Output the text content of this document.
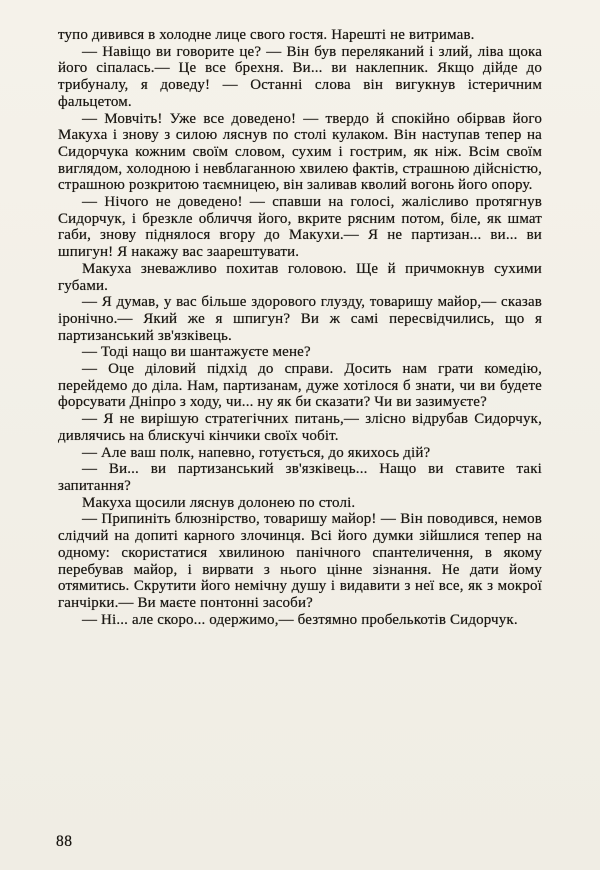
тупо дивився в холодне лице свого гостя. Нарешті не витримав.

— Навіщо ви говорите це? — Він був переляканий і злий, ліва щока його сіпалась.— Це все брехня. Ви... ви наклепник. Якщо дійде до трибуналу, я доведу! — Останні слова він вигукнув істеричним фальцетом.

— Мовчіть! Уже все доведено! — твердо й спокійно обірвав його Макуха і знову з силою ляснув по столі кулаком. Він наступав тепер на Сидорчука кожним своїм словом, сухим і гострим, як ніж. Всім своїм виглядом, холодною і невблаганною хвилею фактів, страшною дійсністю, страшною розкритою таємницею, він заливав кволий вогонь його опору.

— Нічого не доведено! — спавши на голосі, жалісливо протягнув Сидорчук, і брезкле обличчя його, вкрите рясним потом, біле, як шмат габи, знову піднялося вгору до Макухи.— Я не партизан... ви... ви шпигун! Я накажу вас заарештувати.

Макуха зневажливо похитав головою. Ще й причмокнув сухими губами.

— Я думав, у вас більше здорового глузду, товаришу майор,— сказав іронічно.— Який же я шпигун? Ви ж самі пересвідчились, що я партизанський зв'язківець.

— Тоді нащо ви шантажуєте мене?

— Оце діловий підхід до справи. Досить нам грати комедію, перейдемо до діла. Нам, партизанам, дуже хотілося б знати, чи ви будете форсувати Дніпро з ходу, чи... ну як би сказати? Чи ви зазимуєте?

— Я не вирішую стратегічних питань,— злісно відрубав Сидорчук, дивлячись на блискучі кінчики своїх чобіт.

— Але ваш полк, напевно, готується, до якихось дій?

— Ви... ви партизанський зв'язківець... Нащо ви ставите такі запитання?

Макуха щосили ляснув долонею по столі.

— Припиніть блюзнірство, товаришу майор! — Він поводився, немов слідчий на допиті карного злочинця. Всі його думки зійшлися тепер на одному: скористатися хвилиною панічного спантеличення, в якому перебував майор, і вирвати з нього цінне зізнання. Не дати йому отямитись. Скрутити його немічну душу і видавити з неї все, як з мокрої ганчірки.— Ви маєте понтонні засоби?

— Ні... але скоро... одержимо,— безтямно пробелькотів Сидорчук.

88
